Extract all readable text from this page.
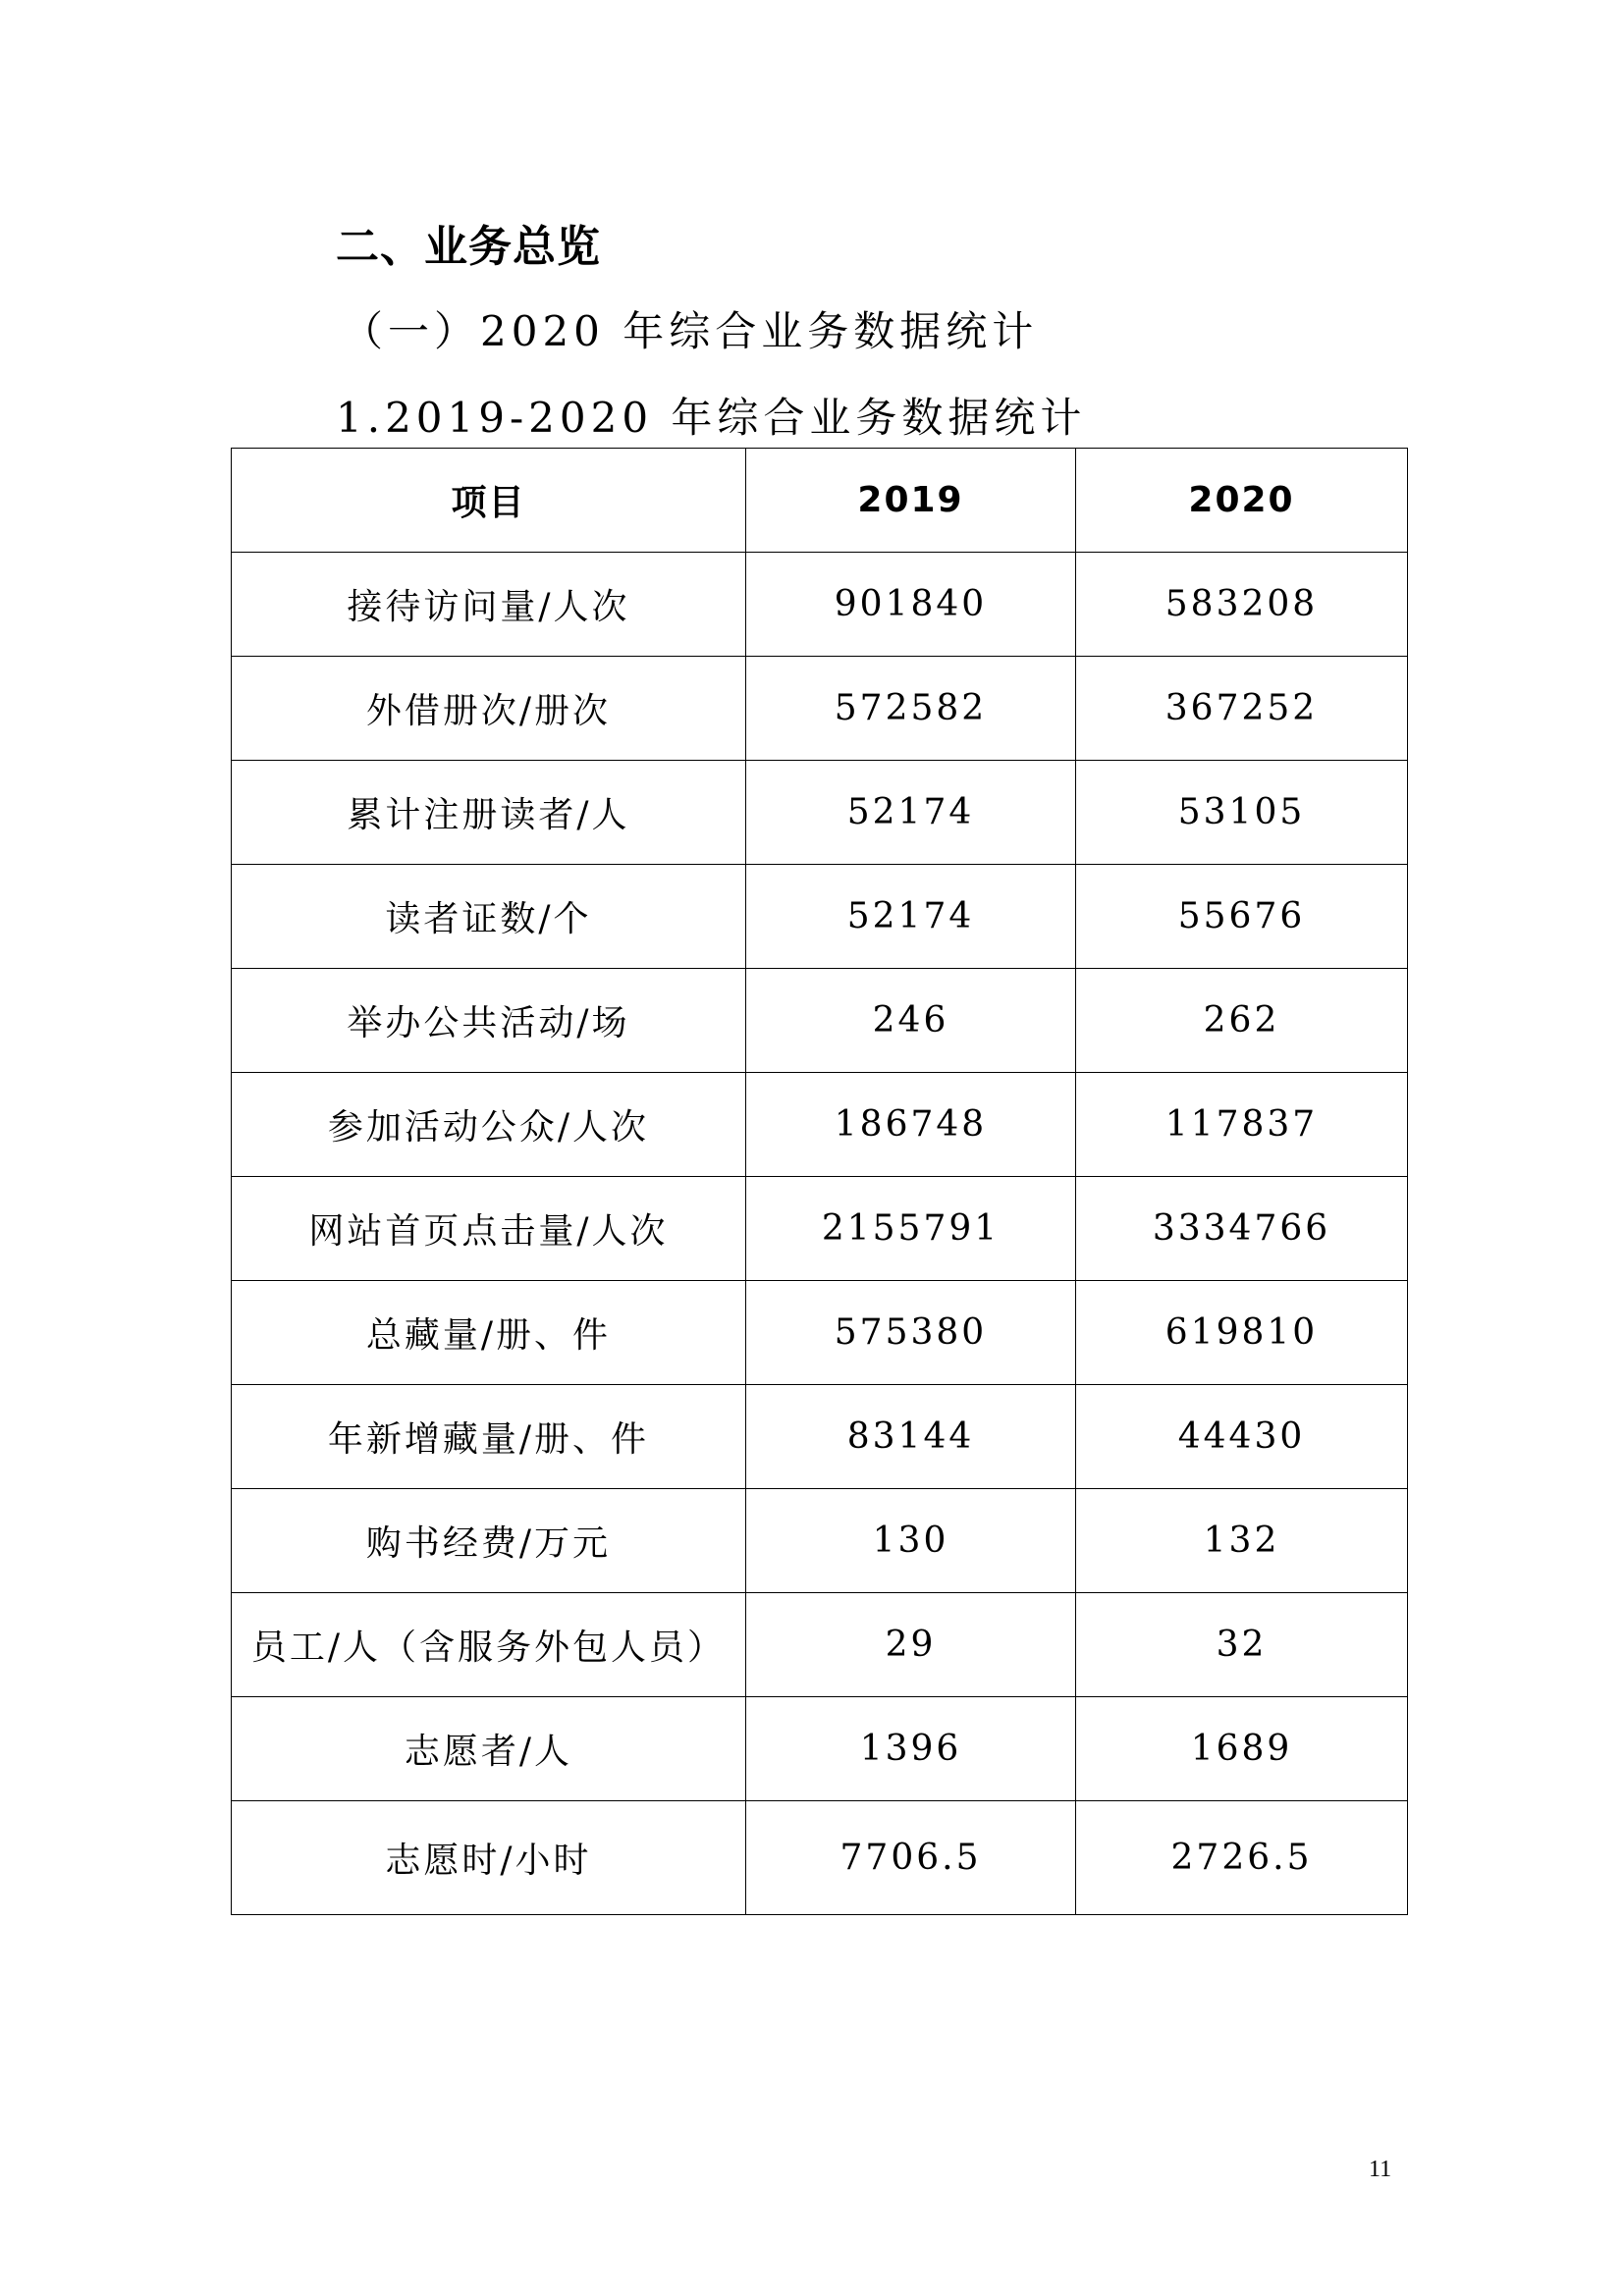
二、业务总览
（一）2020 年综合业务数据统计
1.2019-2020 年综合业务数据统计
项目	2019	2020
接待访问量/人次	901840	583208
外借册次/册次	572582	367252
累计注册读者/人	52174	53105
读者证数/个	52174	55676
举办公共活动/场	246	262
参加活动公众/人次	186748	117837
网站首页点击量/人次	2155791	3334766
总藏量/册、件	575380	619810
年新增藏量/册、件	83144	44430
购书经费/万元	130	132
员工/人（含服务外包人员）	29	32
志愿者/人	1396	1689
志愿时/小时	7706.5	2726.5
11
